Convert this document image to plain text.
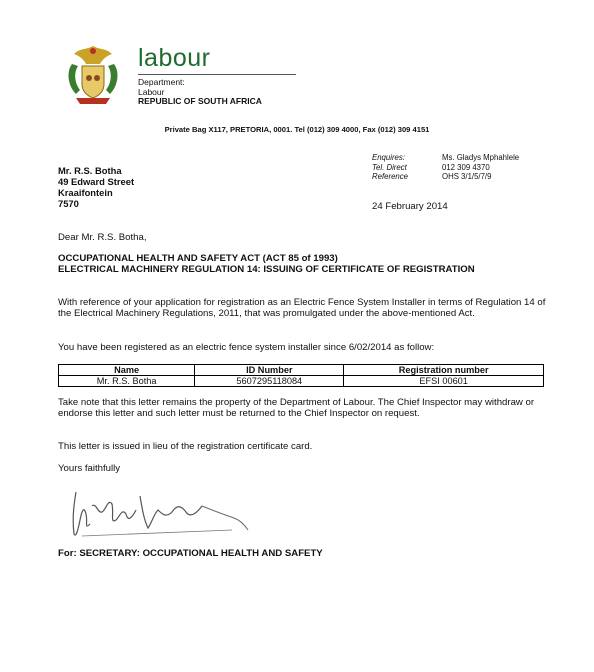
labour
Department:
Labour
REPUBLIC OF SOUTH AFRICA
Private Bag X117, PRETORIA, 0001. Tel (012) 309 4000, Fax (012) 309 4151
Mr. R.S. Botha
49 Edward Street
Kraaifontein
7570
Enquires:	Ms. Gladys Mphahlele
Tel. Direct	012 309 4370
Reference	OHS 3/1/5/7/9
24 February 2014
Dear Mr. R.S. Botha,
OCCUPATIONAL HEALTH AND SAFETY ACT (ACT 85 of 1993)
ELECTRICAL MACHINERY REGULATION 14: ISSUING OF CERTIFICATE OF REGISTRATION
With reference of your application for registration as an Electric Fence System Installer in terms of Regulation 14 of the Electrical Machinery Regulations, 2011, that was promulgated under the above-mentioned Act.
You have been registered as an electric fence system installer since 6/02/2014 as follow:
Name	ID Number	Registration number
Mr. R.S. Botha	5607295118084	EFSI 00601
Take note that this letter remains the property of the Department of Labour. The Chief Inspector may withdraw or endorse this letter and such letter must be returned to the Chief Inspector on request.
This letter is issued in lieu of the registration certificate card.
Yours faithfully
For: SECRETARY: OCCUPATIONAL HEALTH AND SAFETY
